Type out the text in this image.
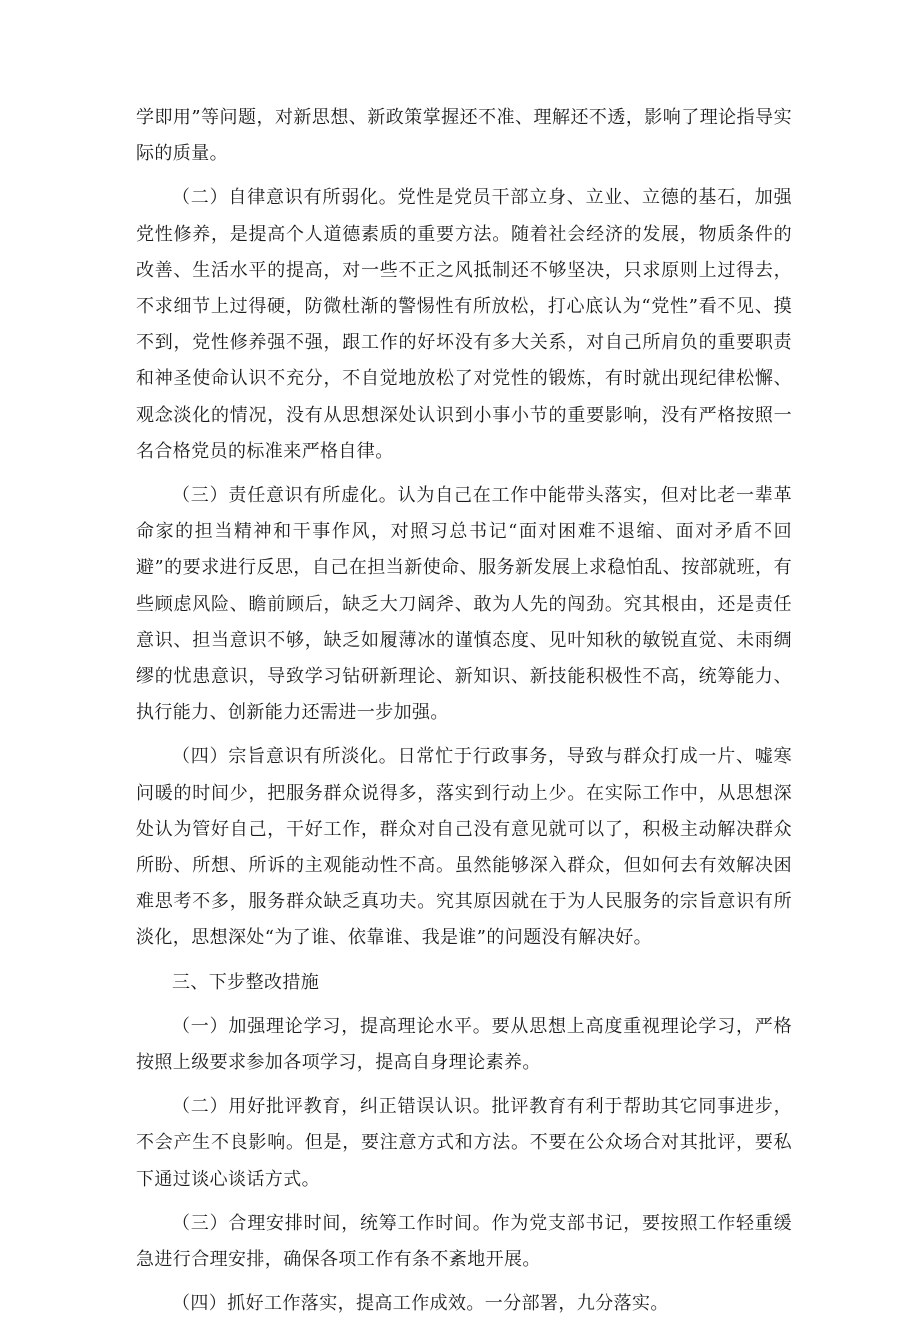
学即用”等问题，对新思想、新政策掌握还不准、理解还不透，影响了理论指导实际的质量。

（二）自律意识有所弱化。党性是党员干部立身、立业、立德的基石，加强党性修养，是提高个人道德素质的重要方法。随着社会经济的发展，物质条件的改善、生活水平的提高，对一些不正之风抵制还不够坚决，只求原则上过得去，不求细节上过得硬，防微杜渐的警惕性有所放松，打心底认为“党性”看不见、摸不到，党性修养强不强，跟工作的好坏没有多大关系，对自己所肩负的重要职责和神圣使命认识不充分，不自觉地放松了对党性的锻炼，有时就出现纪律松懈、观念淡化的情况，没有从思想深处认识到小事小节的重要影响，没有严格按照一名合格党员的标准来严格自律。

（三）责任意识有所虚化。认为自己在工作中能带头落实，但对比老一辈革命家的担当精神和干事作风，对照习总书记“面对困难不退缩、面对矛盾不回避”的要求进行反思，自己在担当新使命、服务新发展上求稳怕乱、按部就班，有些顾虑风险、瞻前顾后，缺乏大刀阔斧、敢为人先的闯劲。究其根由，还是责任意识、担当意识不够，缺乏如履薄冰的谨慎态度、见叶知秋的敏锐直觉、未雨绸缪的忧患意识，导致学习钻研新理论、新知识、新技能积极性不高，统筹能力、执行能力、创新能力还需进一步加强。

（四）宗旨意识有所淡化。日常忙于行政事务，导致与群众打成一片、嘘寒问暖的时间少，把服务群众说得多，落实到行动上少。在实际工作中，从思想深处认为管好自己，干好工作，群众对自己没有意见就可以了，积极主动解决群众所盼、所想、所诉的主观能动性不高。虽然能够深入群众，但如何去有效解决困难思考不多，服务群众缺乏真功夫。究其原因就在于为人民服务的宗旨意识有所淡化，思想深处“为了谁、依靠谁、我是谁”的问题没有解决好。

三、下步整改措施

（一）加强理论学习，提高理论水平。要从思想上高度重视理论学习，严格按照上级要求参加各项学习，提高自身理论素养。

（二）用好批评教育，纠正错误认识。批评教育有利于帮助其它同事进步，不会产生不良影响。但是，要注意方式和方法。不要在公众场合对其批评，要私下通过谈心谈话方式。

（三）合理安排时间，统筹工作时间。作为党支部书记，要按照工作轻重缓急进行合理安排，确保各项工作有条不紊地开展。

（四）抓好工作落实，提高工作成效。一分部署，九分落实。
